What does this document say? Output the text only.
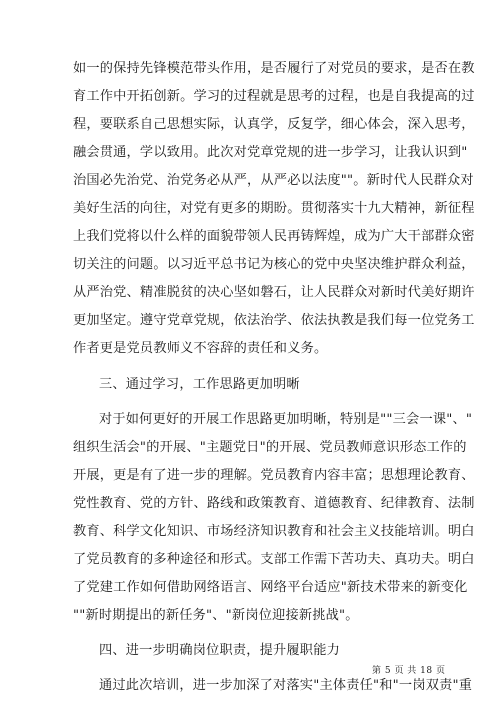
如一的保持先锋模范带头作用，是否履行了对党员的要求，是否在教
育工作中开拓创新。学习的过程就是思考的过程，也是自我提高的过
程，要联系自己思想实际，认真学，反复学，细心体会，深入思考，
融会贯通，学以致用。此次对党章党规的进一步学习，让我认识到"
治国必先治党、治党务必从严，从严必以法度""。新时代人民群众对
美好生活的向往，对党有更多的期盼。贯彻落实十九大精神，新征程
上我们党将以什么样的面貌带领人民再铸辉煌，成为广大干部群众密
切关注的问题。以习近平总书记为核心的党中央坚决维护群众利益，
从严治党、精准脱贫的决心坚如磐石，让人民群众对新时代美好期许
更加坚定。遵守党章党规，依法治学、依法执教是我们每一位党务工
作者更是党员教师义不容辞的责任和义务。
三、通过学习，工作思路更加明晰
对于如何更好的开展工作思路更加明晰，特别是""三会一课"、"
组织生活会"的开展、"主题党日"的开展、党员教师意识形态工作的
开展，更是有了进一步的理解。党员教育内容丰富；思想理论教育、
党性教育、党的方针、路线和政策教育、道德教育、纪律教育、法制
教育、科学文化知识、市场经济知识教育和社会主义技能培训。明白
了党员教育的多种途径和形式。支部工作需下苦功夫、真功夫。明白
了党建工作如何借助网络语言、网络平台适应"新技术带来的新变化
""新时期提出的新任务"、"新岗位迎接新挑战"。
四、进一步明确岗位职责，提升履职能力
通过此次培训，进一步加深了对落实"主体责任"和"一岗双责"重
第 5 页 共 18 页
